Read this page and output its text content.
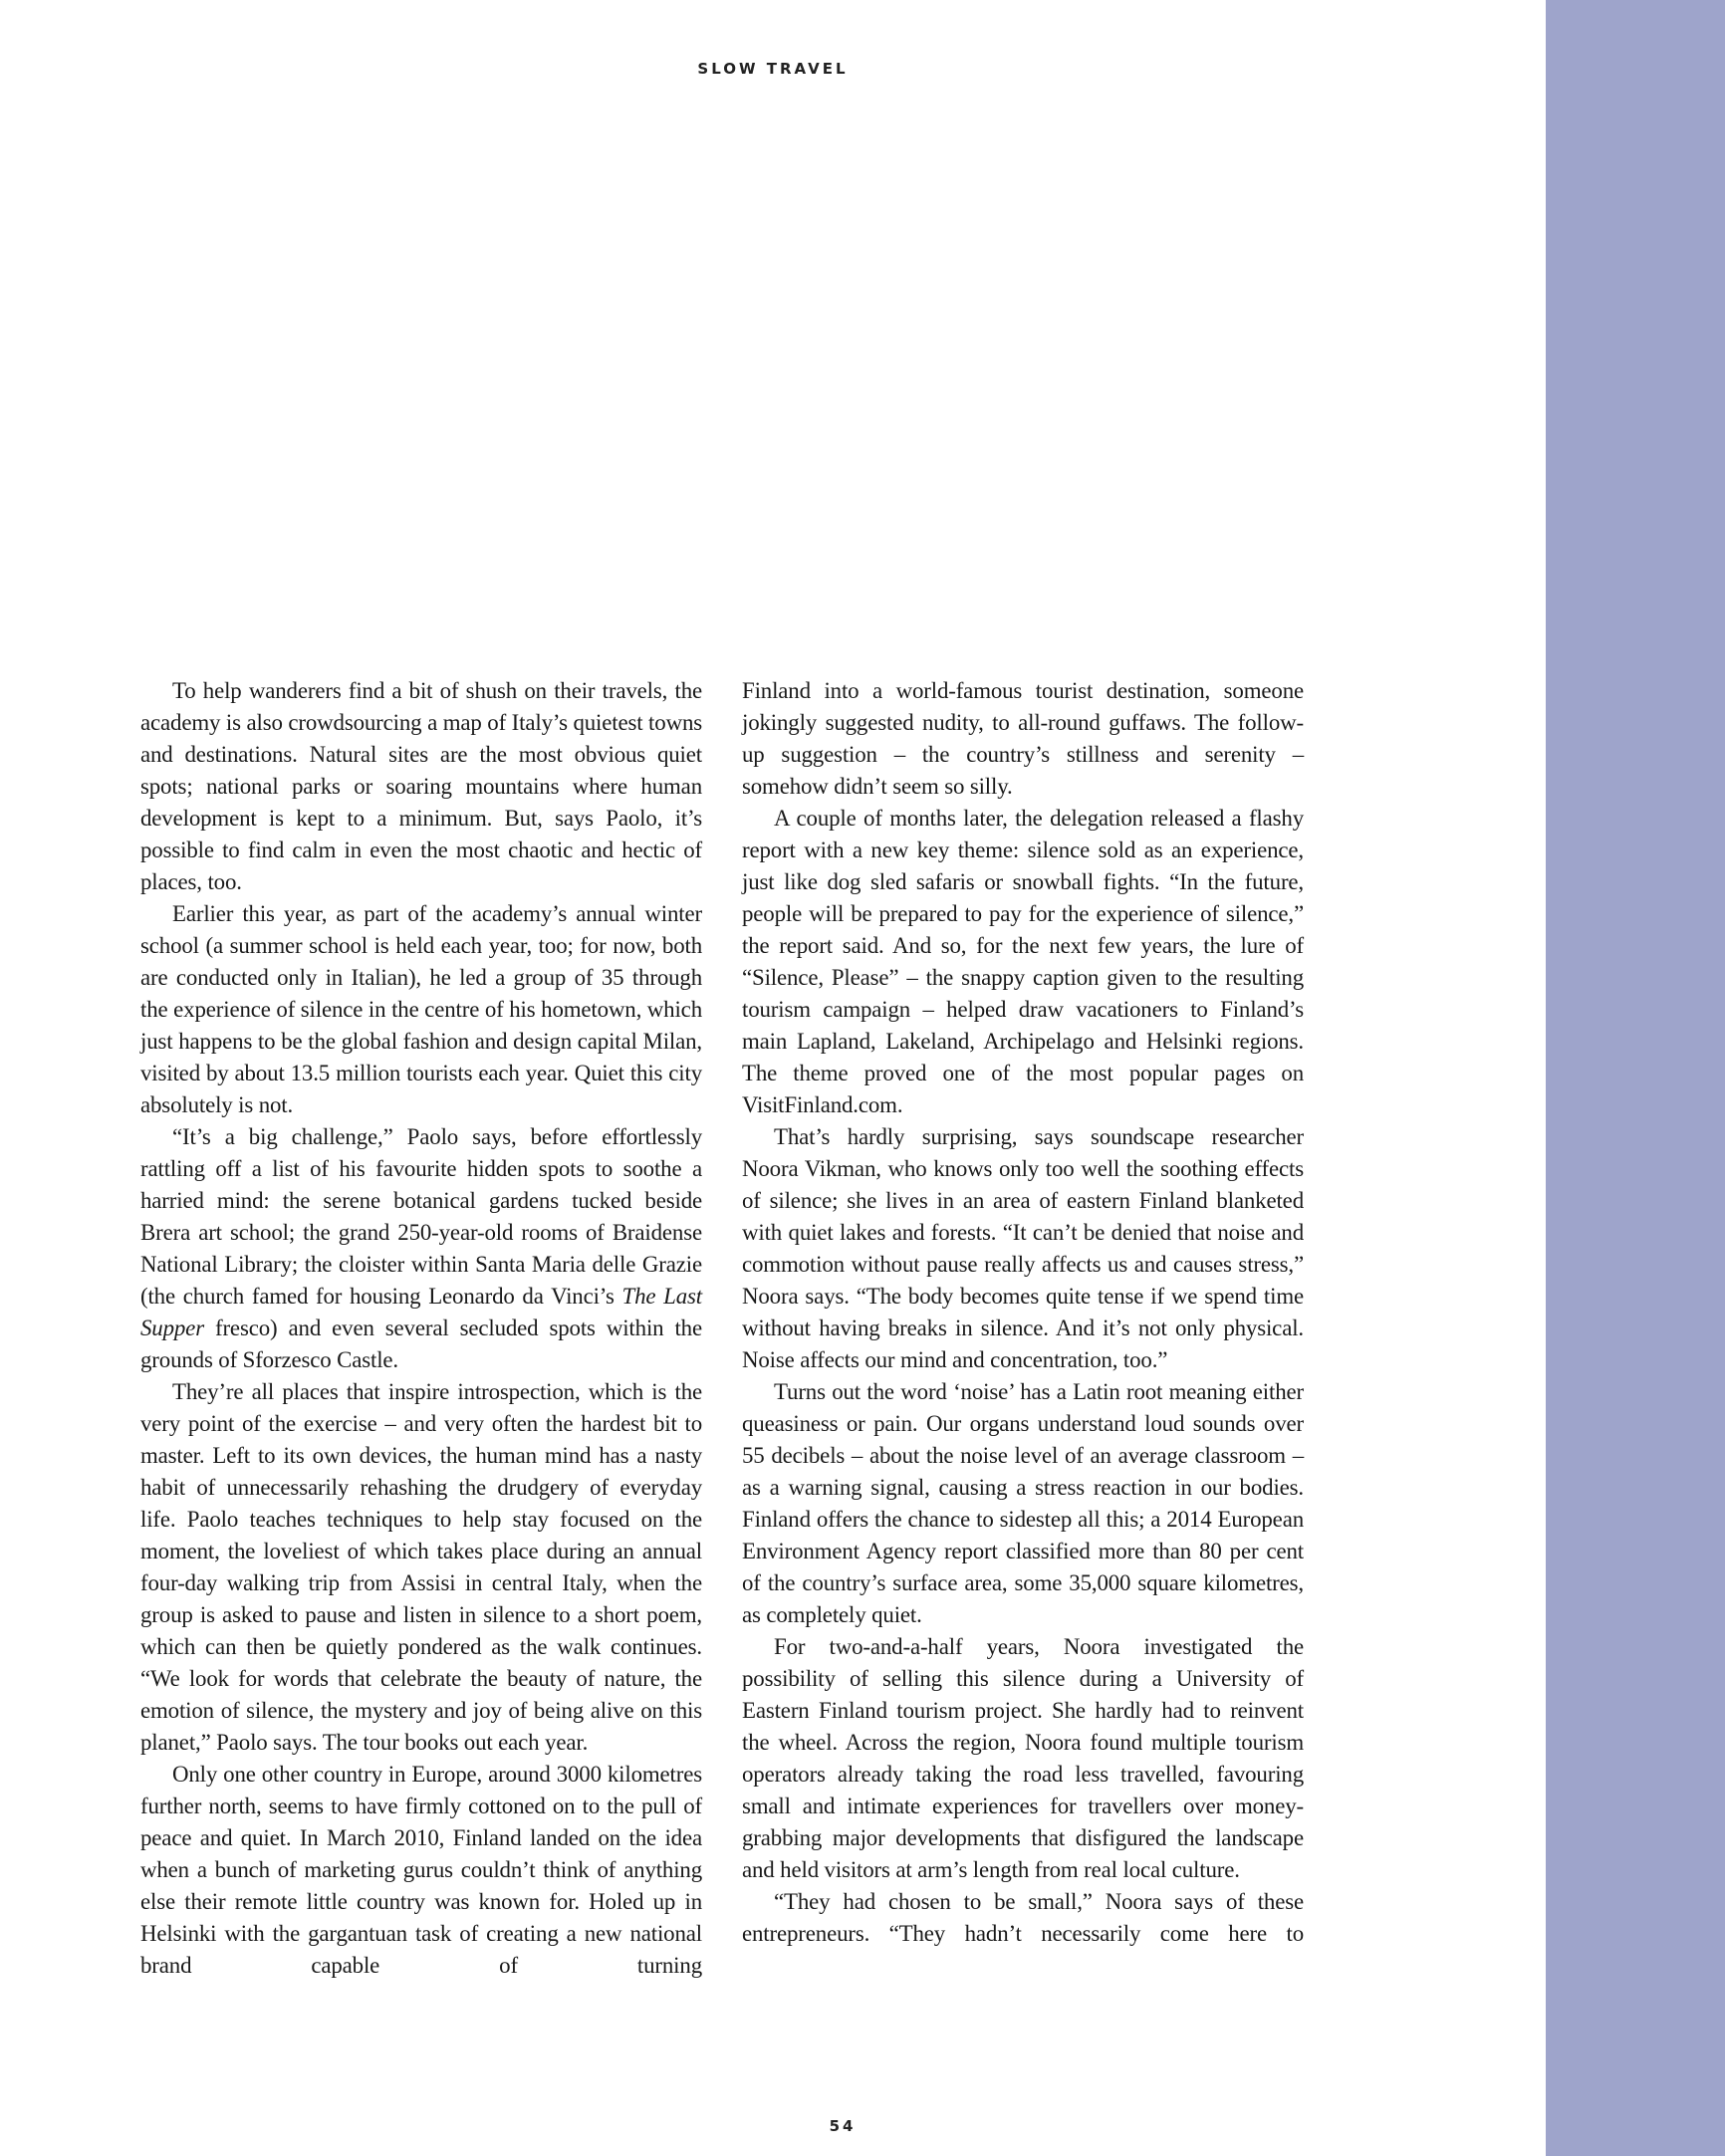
SLOW TRAVEL

To help wanderers find a bit of shush on their travels, the academy is also crowdsourcing a map of Italy’s quietest towns and destinations. Natural sites are the most obvious quiet spots; national parks or soaring mountains where human development is kept to a minimum. But, says Paolo, it’s possible to find calm in even the most chaotic and hectic of places, too.

Earlier this year, as part of the academy’s annual winter school (a summer school is held each year, too; for now, both are conducted only in Italian), he led a group of 35 through the experience of silence in the centre of his hometown, which just happens to be the global fashion and design capital Milan, visited by about 13.5 million tourists each year. Quiet this city absolutely is not.

“It’s a big challenge,” Paolo says, before effortlessly rattling off a list of his favourite hidden spots to soothe a harried mind: the serene botanical gardens tucked beside Brera art school; the grand 250-year-old rooms of Braidense National Library; the cloister within Santa Maria delle Grazie (the church famed for housing Leonardo da Vinci’s The Last Supper fresco) and even several secluded spots within the grounds of Sforzesco Castle.

They’re all places that inspire introspection, which is the very point of the exercise – and very often the hardest bit to master. Left to its own devices, the human mind has a nasty habit of unnecessarily rehashing the drudgery of everyday life. Paolo teaches techniques to help stay focused on the moment, the loveliest of which takes place during an annual four-day walking trip from Assisi in central Italy, when the group is asked to pause and listen in silence to a short poem, which can then be quietly pondered as the walk continues. “We look for words that celebrate the beauty of nature, the emotion of silence, the mystery and joy of being alive on this planet,” Paolo says. The tour books out each year.

Only one other country in Europe, around 3000 kilometres further north, seems to have firmly cottoned on to the pull of peace and quiet. In March 2010, Finland landed on the idea when a bunch of marketing gurus couldn’t think of anything else their remote little country was known for. Holed up in Helsinki with the gargantuan task of creating a new national brand capable of turning

Finland into a world-famous tourist destination, someone jokingly suggested nudity, to all-round guffaws. The follow-up suggestion – the country’s stillness and serenity – somehow didn’t seem so silly.

A couple of months later, the delegation released a flashy report with a new key theme: silence sold as an experience, just like dog sled safaris or snowball fights. “In the future, people will be prepared to pay for the experience of silence,” the report said. And so, for the next few years, the lure of “Silence, Please” – the snappy caption given to the resulting tourism campaign – helped draw vacationers to Finland’s main Lapland, Lakeland, Archipelago and Helsinki regions. The theme proved one of the most popular pages on VisitFinland.com.

That’s hardly surprising, says soundscape researcher Noora Vikman, who knows only too well the soothing effects of silence; she lives in an area of eastern Finland blanketed with quiet lakes and forests. “It can’t be denied that noise and commotion without pause really affects us and causes stress,” Noora says. “The body becomes quite tense if we spend time without having breaks in silence. And it’s not only physical. Noise affects our mind and concentration, too.”

Turns out the word ‘noise’ has a Latin root meaning either queasiness or pain. Our organs understand loud sounds over 55 decibels – about the noise level of an average classroom – as a warning signal, causing a stress reaction in our bodies. Finland offers the chance to sidestep all this; a 2014 European Environment Agency report classified more than 80 per cent of the country’s surface area, some 35,000 square kilometres, as completely quiet.

For two-and-a-half years, Noora investigated the possibility of selling this silence during a University of Eastern Finland tourism project. She hardly had to reinvent the wheel. Across the region, Noora found multiple tourism operators already taking the road less travelled, favouring small and intimate experiences for travellers over money-grabbing major developments that disfigured the landscape and held visitors at arm’s length from real local culture.

“They had chosen to be small,” Noora says of these entrepreneurs. “They hadn’t necessarily come here to

54
